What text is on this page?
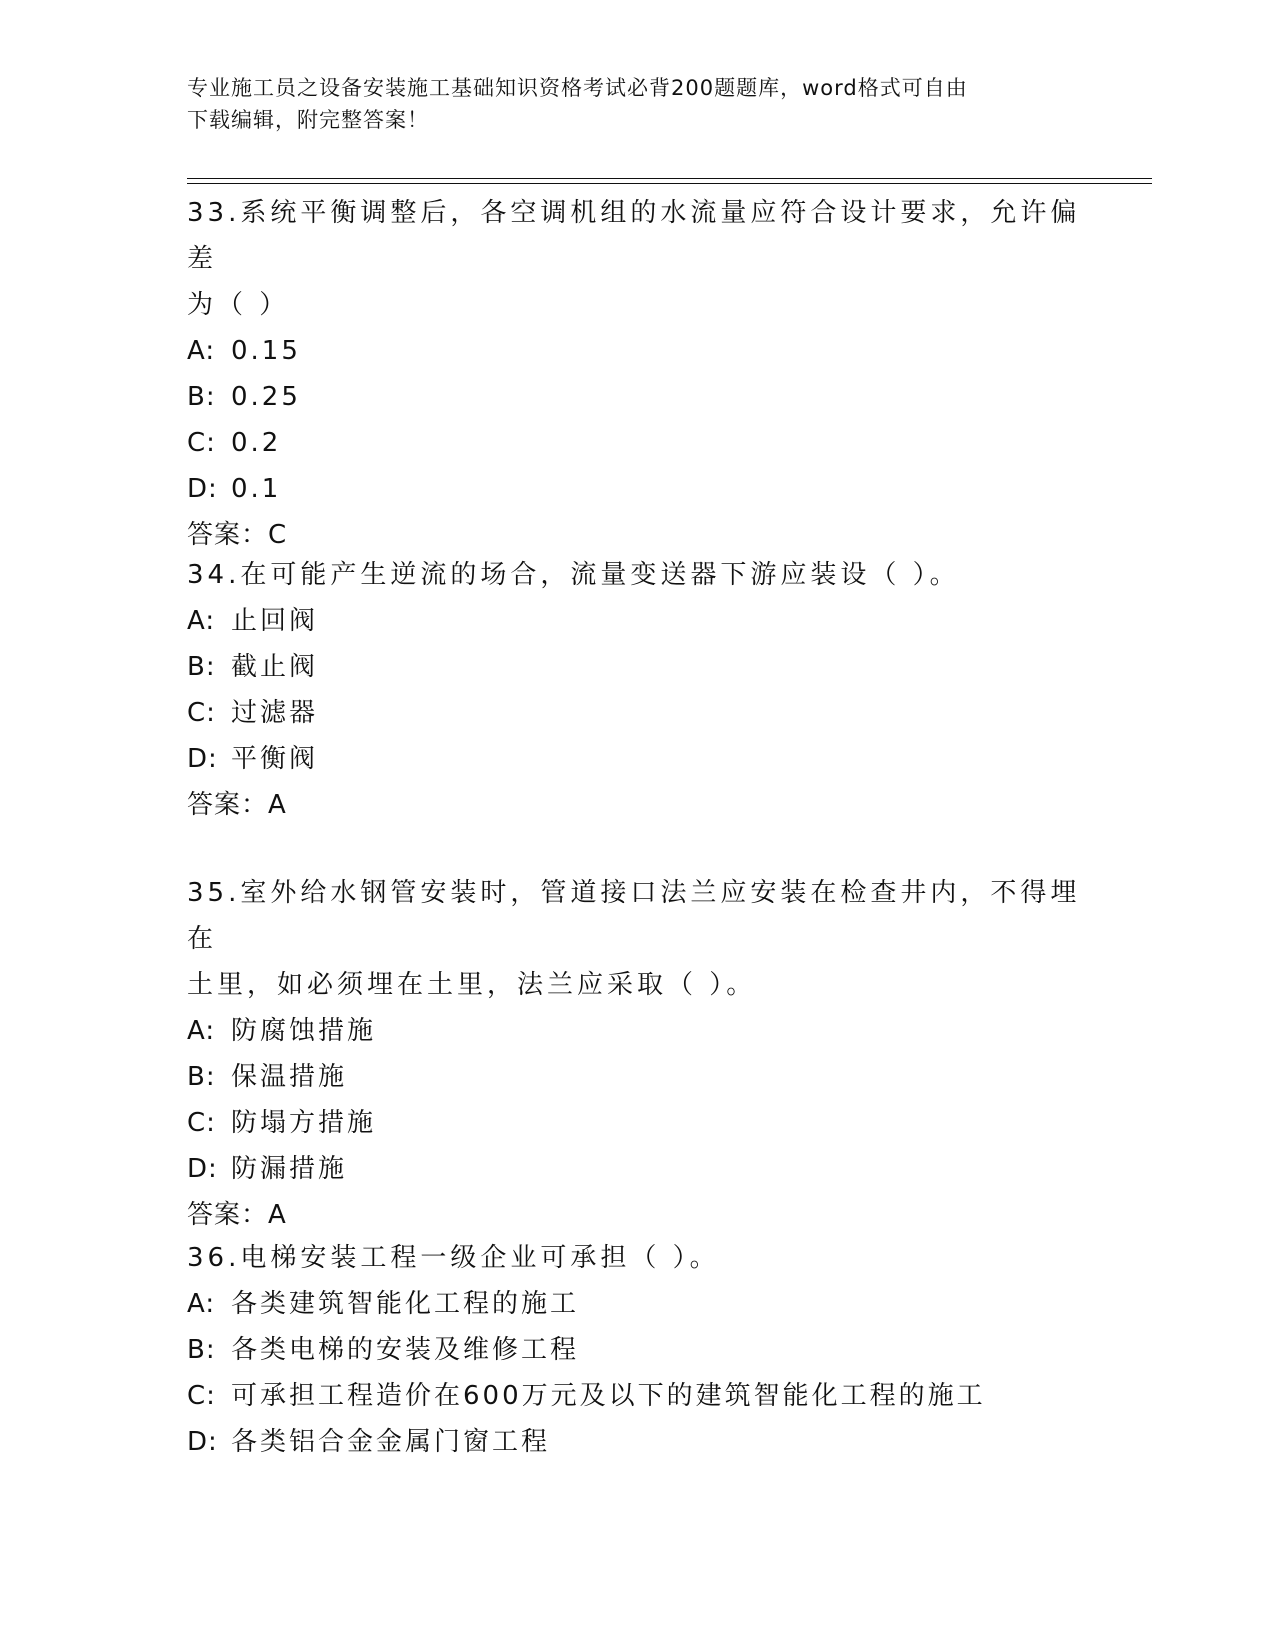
专业施工员之设备安装施工基础知识资格考试必背200题题库，word格式可自由
下载编辑，附完整答案！
33.系统平衡调整后，各空调机组的水流量应符合设计要求，允许偏差
为（ ）
A: 0.15
B: 0.25
C: 0.2
D: 0.1
答案：C
34.在可能产生逆流的场合，流量变送器下游应装设（ ）。
A: 止回阀
B: 截止阀
C: 过滤器
D: 平衡阀
答案：A
35.室外给水钢管安装时，管道接口法兰应安装在检查井内，不得埋在
土里，如必须埋在土里，法兰应采取（ ）。
A: 防腐蚀措施
B: 保温措施
C: 防塌方措施
D: 防漏措施
答案：A
36.电梯安装工程一级企业可承担（ ）。
A: 各类建筑智能化工程的施工
B: 各类电梯的安装及维修工程
C: 可承担工程造价在600万元及以下的建筑智能化工程的施工
D: 各类铝合金金属门窗工程
